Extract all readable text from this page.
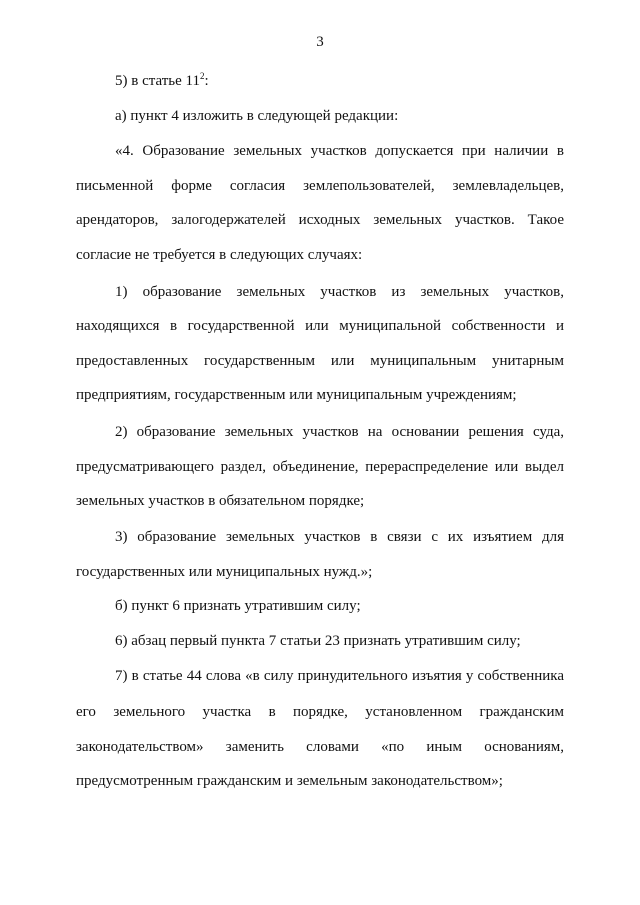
3
5) в статье $11^2$:
а) пункт 4 изложить в следующей редакции:
«4. Образование земельных участков допускается при наличии в
письменной форме согласия землепользователей, землевладельцев,
арендаторов, залогодержателей исходных земельных участков. Такое
согласие не требуется в следующих случаях:
1) образование земельных участков из земельных участков,
находящихся в государственной или муниципальной собственности и
предоставленных государственным или муниципальным унитарным
предприятиям, государственным или муниципальным учреждениям;
2) образование земельных участков на основании решения суда,
предусматривающего раздел, объединение, перераспределение или выдел
земельных участков в обязательном порядке;
3) образование земельных участков в связи с их изъятием для
государственных или муниципальных нужд.»;
б) пункт 6 признать утратившим силу;
6) абзац первый пункта 7 статьи 23 признать утратившим силу;
7) в статье 44 слова «в силу принудительного изъятия у собственника
его земельного участка в порядке, установленном гражданским
законодательством» заменить словами «по иным основаниям,
предусмотренным гражданским и земельным законодательством»;
